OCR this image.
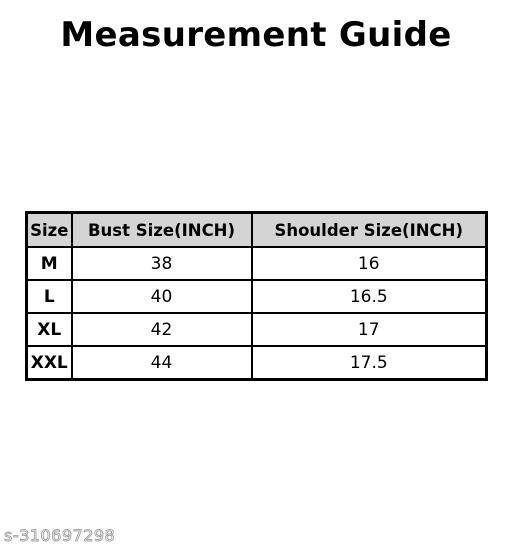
Measurement Guide
Size	Bust Size(INCH)	Shoulder Size(INCH)
M	38	16
L	40	16.5
XL	42	17
XXL	44	17.5
s-310697298
